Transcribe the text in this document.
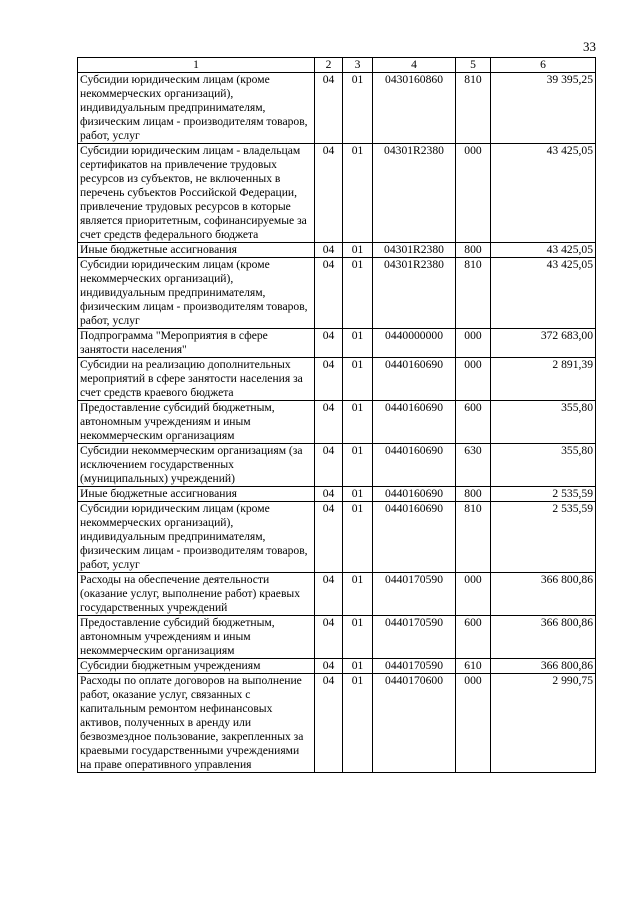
33
1	2	3	4	5	6
Субсидии юридическим лицам (кроме некоммерческих организаций), индивидуальным предпринимателям, физическим лицам - производителям товаров, работ, услуг	04	01	0430160860	810	39 395,25
Субсидии юридическим лицам - владельцам сертификатов на привлечение трудовых ресурсов из субъектов, не включенных в перечень субъектов Российской Федерации, привлечение трудовых ресурсов в которые является приоритетным, софинансируемые за счет средств федерального бюджета	04	01	04301R2380	000	43 425,05
Иные бюджетные ассигнования	04	01	04301R2380	800	43 425,05
Субсидии юридическим лицам (кроме некоммерческих организаций), индивидуальным предпринимателям, физическим лицам - производителям товаров, работ, услуг	04	01	04301R2380	810	43 425,05
Подпрограмма "Мероприятия в сфере занятости населения"	04	01	0440000000	000	372 683,00
Субсидии на реализацию дополнительных мероприятий в сфере занятости населения за счет средств краевого бюджета	04	01	0440160690	000	2 891,39
Предоставление субсидий бюджетным, автономным учреждениям и иным некоммерческим организациям	04	01	0440160690	600	355,80
Субсидии некоммерческим организациям (за исключением государственных (муниципальных) учреждений)	04	01	0440160690	630	355,80
Иные бюджетные ассигнования	04	01	0440160690	800	2 535,59
Субсидии юридическим лицам (кроме некоммерческих организаций), индивидуальным предпринимателям, физическим лицам - производителям товаров, работ, услуг	04	01	0440160690	810	2 535,59
Расходы на обеспечение деятельности (оказание услуг, выполнение работ) краевых государственных учреждений	04	01	0440170590	000	366 800,86
Предоставление субсидий бюджетным, автономным учреждениям и иным некоммерческим организациям	04	01	0440170590	600	366 800,86
Субсидии бюджетным учреждениям	04	01	0440170590	610	366 800,86
Расходы по оплате договоров на выполнение работ, оказание услуг, связанных с капитальным ремонтом нефинансовых активов, полученных в аренду или безвозмездное пользование, закрепленных за краевыми государственными учреждениями на праве оперативного управления	04	01	0440170600	000	2 990,75
